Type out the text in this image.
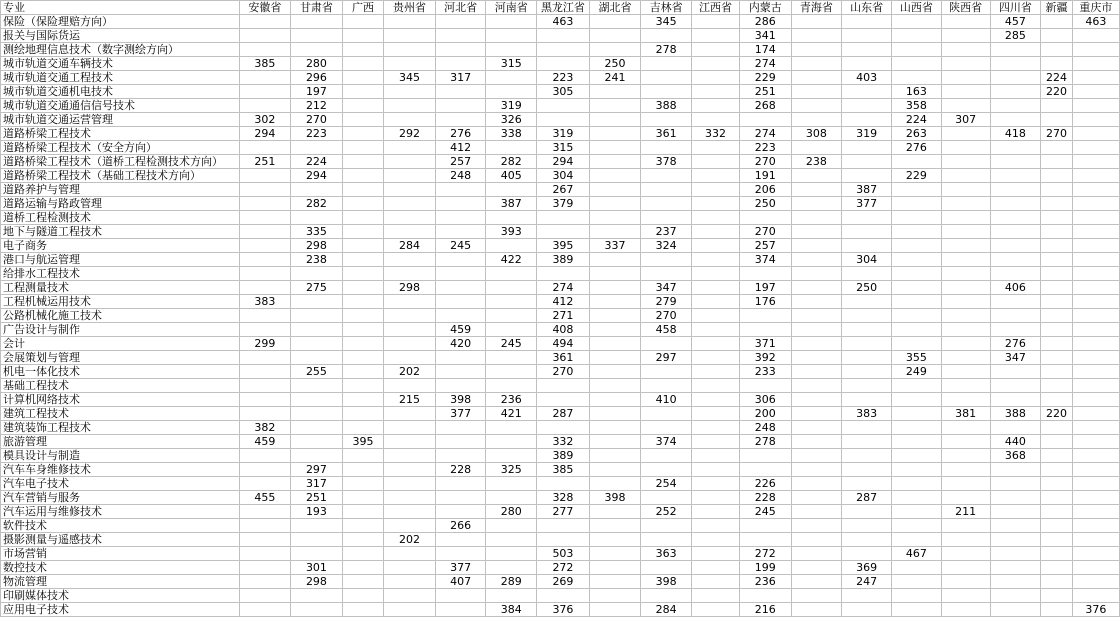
专业	安徽省	甘肃省	广西	贵州省	河北省	河南省	黑龙江省	湖北省	吉林省	江西省	内蒙古	青海省	山东省	山西省	陕西省	四川省	新疆	重庆市
保险（保险理赔方向）							463		345		286					457		463
报关与国际货运											341					285		
测绘地理信息技术（数字测绘方向）									278		174							
城市轨道交通车辆技术	385	280				315		250			274							
城市轨道交通工程技术		296		345	317		223	241			229		403				224	
城市轨道交通机电技术		197					305				251			163			220	
城市轨道交通通信信号技术		212				319			388		268			358				
城市轨道交通运营管理	302	270				326								224	307			
道路桥梁工程技术	294	223		292	276	338	319		361	332	274	308	319	263		418	270	
道路桥梁工程技术（安全方向）					412		315				223			276				
道路桥梁工程技术（道桥工程检测技术方向）	251	224			257	282	294		378		270	238						
道路桥梁工程技术（基础工程技术方向）		294			248	405	304				191			229				
道路养护与管理							267				206		387					
道路运输与路政管理		282				387	379				250		377					
道桥工程检测技术																		
地下与隧道工程技术		335				393			237		270							
电子商务		298		284	245		395	337	324		257							
港口与航运管理		238				422	389				374		304					
给排水工程技术																		
工程测量技术		275		298			274		347		197		250			406		
工程机械运用技术	383						412		279		176							
公路机械化施工技术							271		270									
广告设计与制作					459		408		458									
会计	299				420	245	494				371					276		
会展策划与管理							361		297		392			355		347		
机电一体化技术		255		202			270				233			249				
基础工程技术																		
计算机网络技术				215	398	236			410		306							
建筑工程技术					377	421	287				200		383		381	388	220	
建筑装饰工程技术	382										248							
旅游管理	459		395				332		374		278					440		
模具设计与制造							389									368		
汽车车身维修技术		297			228	325	385											
汽车电子技术		317							254		226							
汽车营销与服务	455	251					328	398			228		287					
汽车运用与维修技术		193				280	277		252		245				211			
软件技术					266													
摄影测量与遥感技术				202														
市场营销							503		363		272			467				
数控技术		301			377		272				199		369					
物流管理		298			407	289	269		398		236		247					
印刷媒体技术																		
应用电子技术						384	376		284		216							376
